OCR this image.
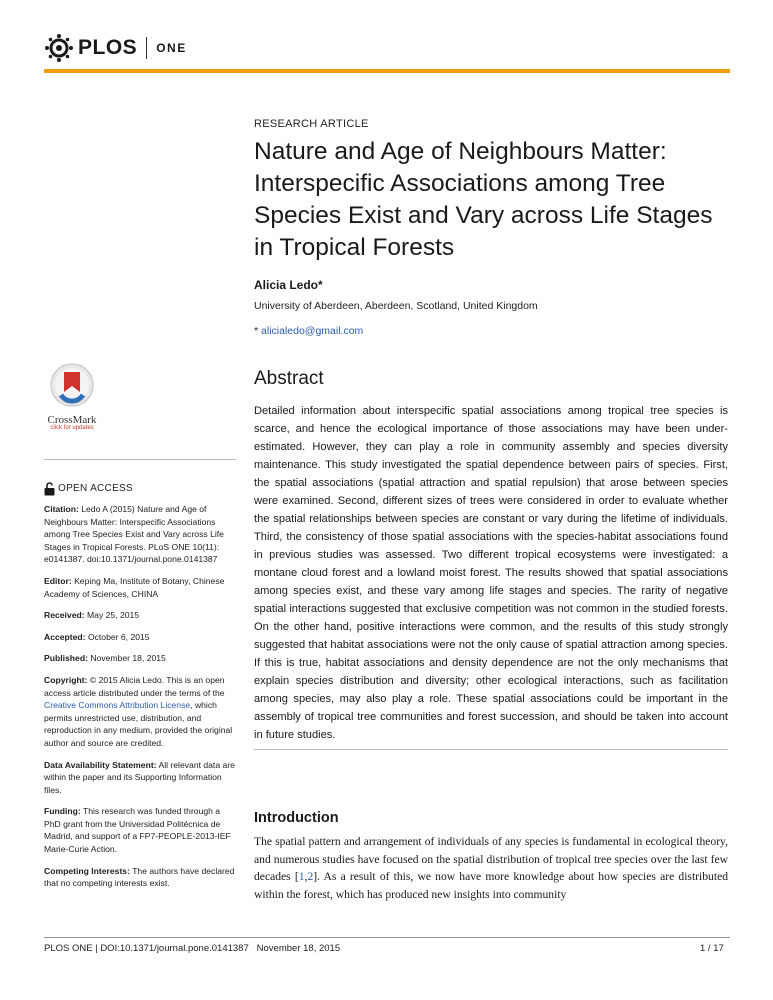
PLOS ONE
RESEARCH ARTICLE
Nature and Age of Neighbours Matter: Interspecific Associations among Tree Species Exist and Vary across Life Stages in Tropical Forests
Alicia Ledo*
University of Aberdeen, Aberdeen, Scotland, United Kingdom
* alicialedo@gmail.com
CrossMark
click for updates
OPEN ACCESS

Citation: Ledo A (2015) Nature and Age of Neighbours Matter: Interspecific Associations among Tree Species Exist and Vary across Life Stages in Tropical Forests. PLoS ONE 10(11): e0141387. doi:10.1371/journal.pone.0141387

Editor: Keping Ma, Institute of Botany, Chinese Academy of Sciences, CHINA

Received: May 25, 2015

Accepted: October 6, 2015

Published: November 18, 2015

Copyright: © 2015 Alicia Ledo. This is an open access article distributed under the terms of the Creative Commons Attribution License, which permits unrestricted use, distribution, and reproduction in any medium, provided the original author and source are credited.

Data Availability Statement: All relevant data are within the paper and its Supporting Information files.

Funding: This research was funded through a PhD grant from the Universidad Politécnica de Madrid, and support of a FP7-PEOPLE-2013-IEF Marie-Curie Action.

Competing Interests: The authors have declared that no competing interests exist.

Abstract
Detailed information about interspecific spatial associations among tropical tree species is scarce, and hence the ecological importance of those associations may have been under-estimated. However, they can play a role in community assembly and species diversity maintenance. This study investigated the spatial dependence between pairs of species. First, the spatial associations (spatial attraction and spatial repulsion) that arose between species were examined. Second, different sizes of trees were considered in order to evaluate whether the spatial relationships between species are constant or vary during the lifetime of individuals. Third, the consistency of those spatial associations with the species-habitat associations found in previous studies was assessed. Two different tropical ecosystems were investigated: a montane cloud forest and a lowland moist forest. The results showed that spatial associations among species exist, and these vary among life stages and species. The rarity of negative spatial interactions suggested that exclusive competition was not common in the studied forests. On the other hand, positive interactions were common, and the results of this study strongly suggested that habitat associations were not the only cause of spatial attraction among species. If this is true, habitat associations and density dependence are not the only mechanisms that explain species distribution and diversity; other ecological interactions, such as facilitation among species, may also play a role. These spatial associations could be important in the assembly of tropical tree communities and forest succession, and should be taken into account in future studies.
Introduction
The spatial pattern and arrangement of individuals of any species is fundamental in ecological theory, and numerous studies have focused on the spatial distribution of tropical tree species over the last few decades [1,2]. As a result of this, we now have more knowledge about how species are distributed within the forest, which has produced new insights into community
PLOS ONE | DOI:10.1371/journal.pone.0141387   November 18, 2015	1 / 17
